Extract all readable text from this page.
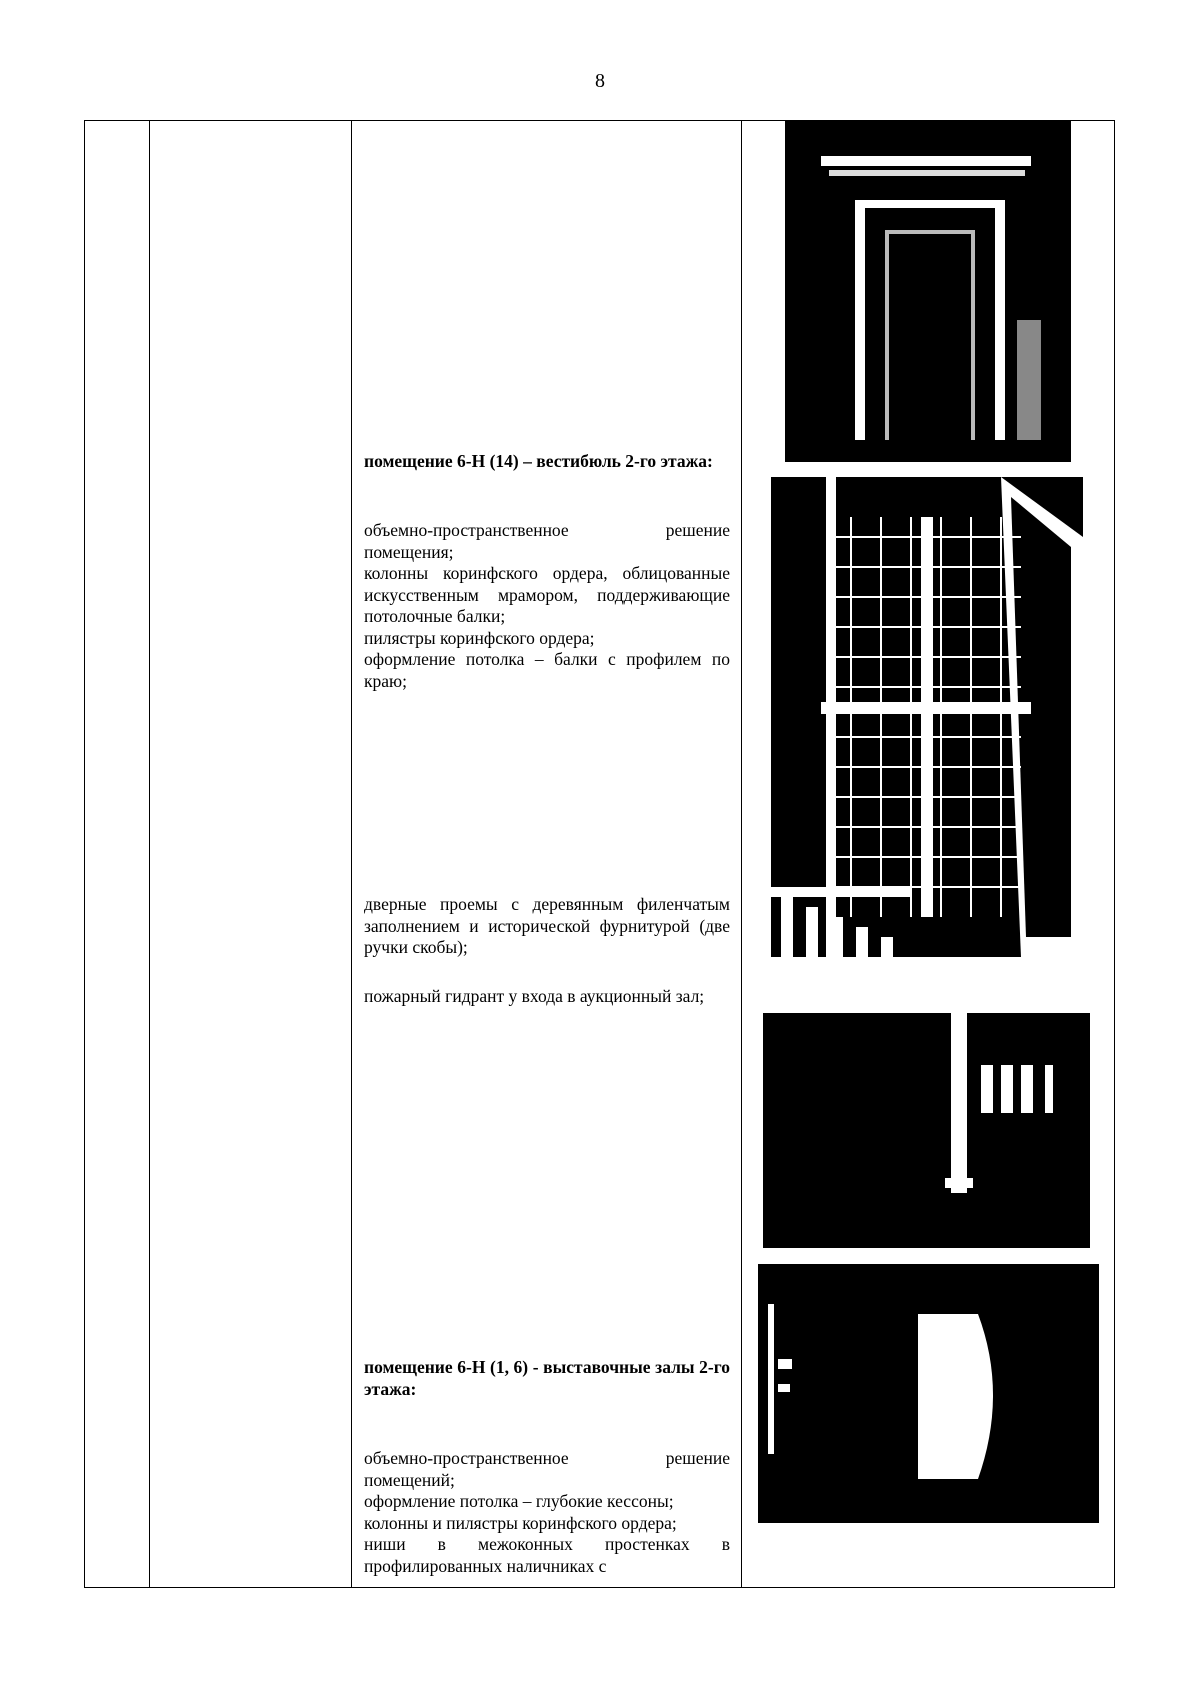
8

помещение 6-Н (14) – вестибюль 2-го этажа:

объемно-пространственное решение помещения;

колонны коринфского ордера, облицованные искусственным мрамором, поддерживающие потолочные балки;

пилястры коринфского ордера;

оформление потолка – балки с профилем по краю;

дверные проемы с деревянным филенчатым заполнением и исторической фурнитурой (две ручки скобы);

пожарный гидрант у входа в аукционный зал;

помещение 6-Н (1, 6) - выставочные залы 2-го этажа:

объемно-пространственное решение помещений;

оформление потолка – глубокие кессоны;

колонны и пилястры коринфского ордера;

ниши в межоконных простенках в профилированных наличниках с
